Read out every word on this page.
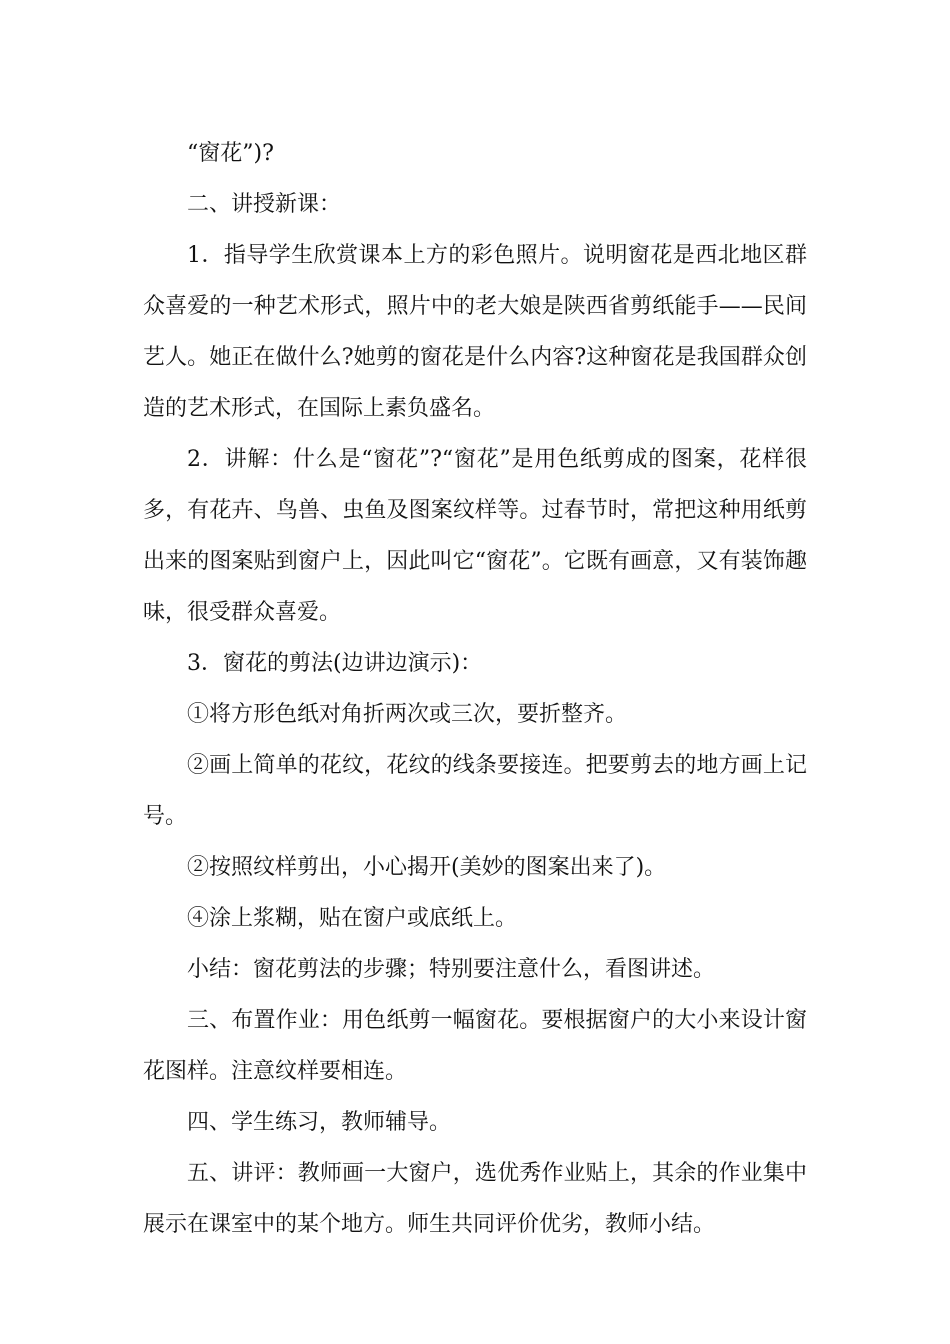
“窗花”)?

二、讲授新课：

1．指导学生欣赏课本上方的彩色照片。说明窗花是西北地区群众喜爱的一种艺术形式，照片中的老大娘是陕西省剪纸能手——民间艺人。她正在做什么?她剪的窗花是什么内容?这种窗花是我国群众创造的艺术形式，在国际上素负盛名。

2．讲解：什么是“窗花”?“窗花”是用色纸剪成的图案，花样很多，有花卉、鸟兽、虫鱼及图案纹样等。过春节时，常把这种用纸剪出来的图案贴到窗户上，因此叫它“窗花”。它既有画意，又有装饰趣味，很受群众喜爱。

3．窗花的剪法(边讲边演示)：

①将方形色纸对角折两次或三次，要折整齐。

②画上简单的花纹，花纹的线条要接连。把要剪去的地方画上记号。

②按照纹样剪出，小心揭开(美妙的图案出来了)。

④涂上浆糊，贴在窗户或底纸上。

小结：窗花剪法的步骤；特别要注意什么，看图讲述。

三、布置作业：用色纸剪一幅窗花。要根据窗户的大小来设计窗花图样。注意纹样要相连。

四、学生练习，教师辅导。

五、讲评：教师画一大窗户，选优秀作业贴上，其余的作业集中展示在课室中的某个地方。师生共同评价优劣，教师小结。
